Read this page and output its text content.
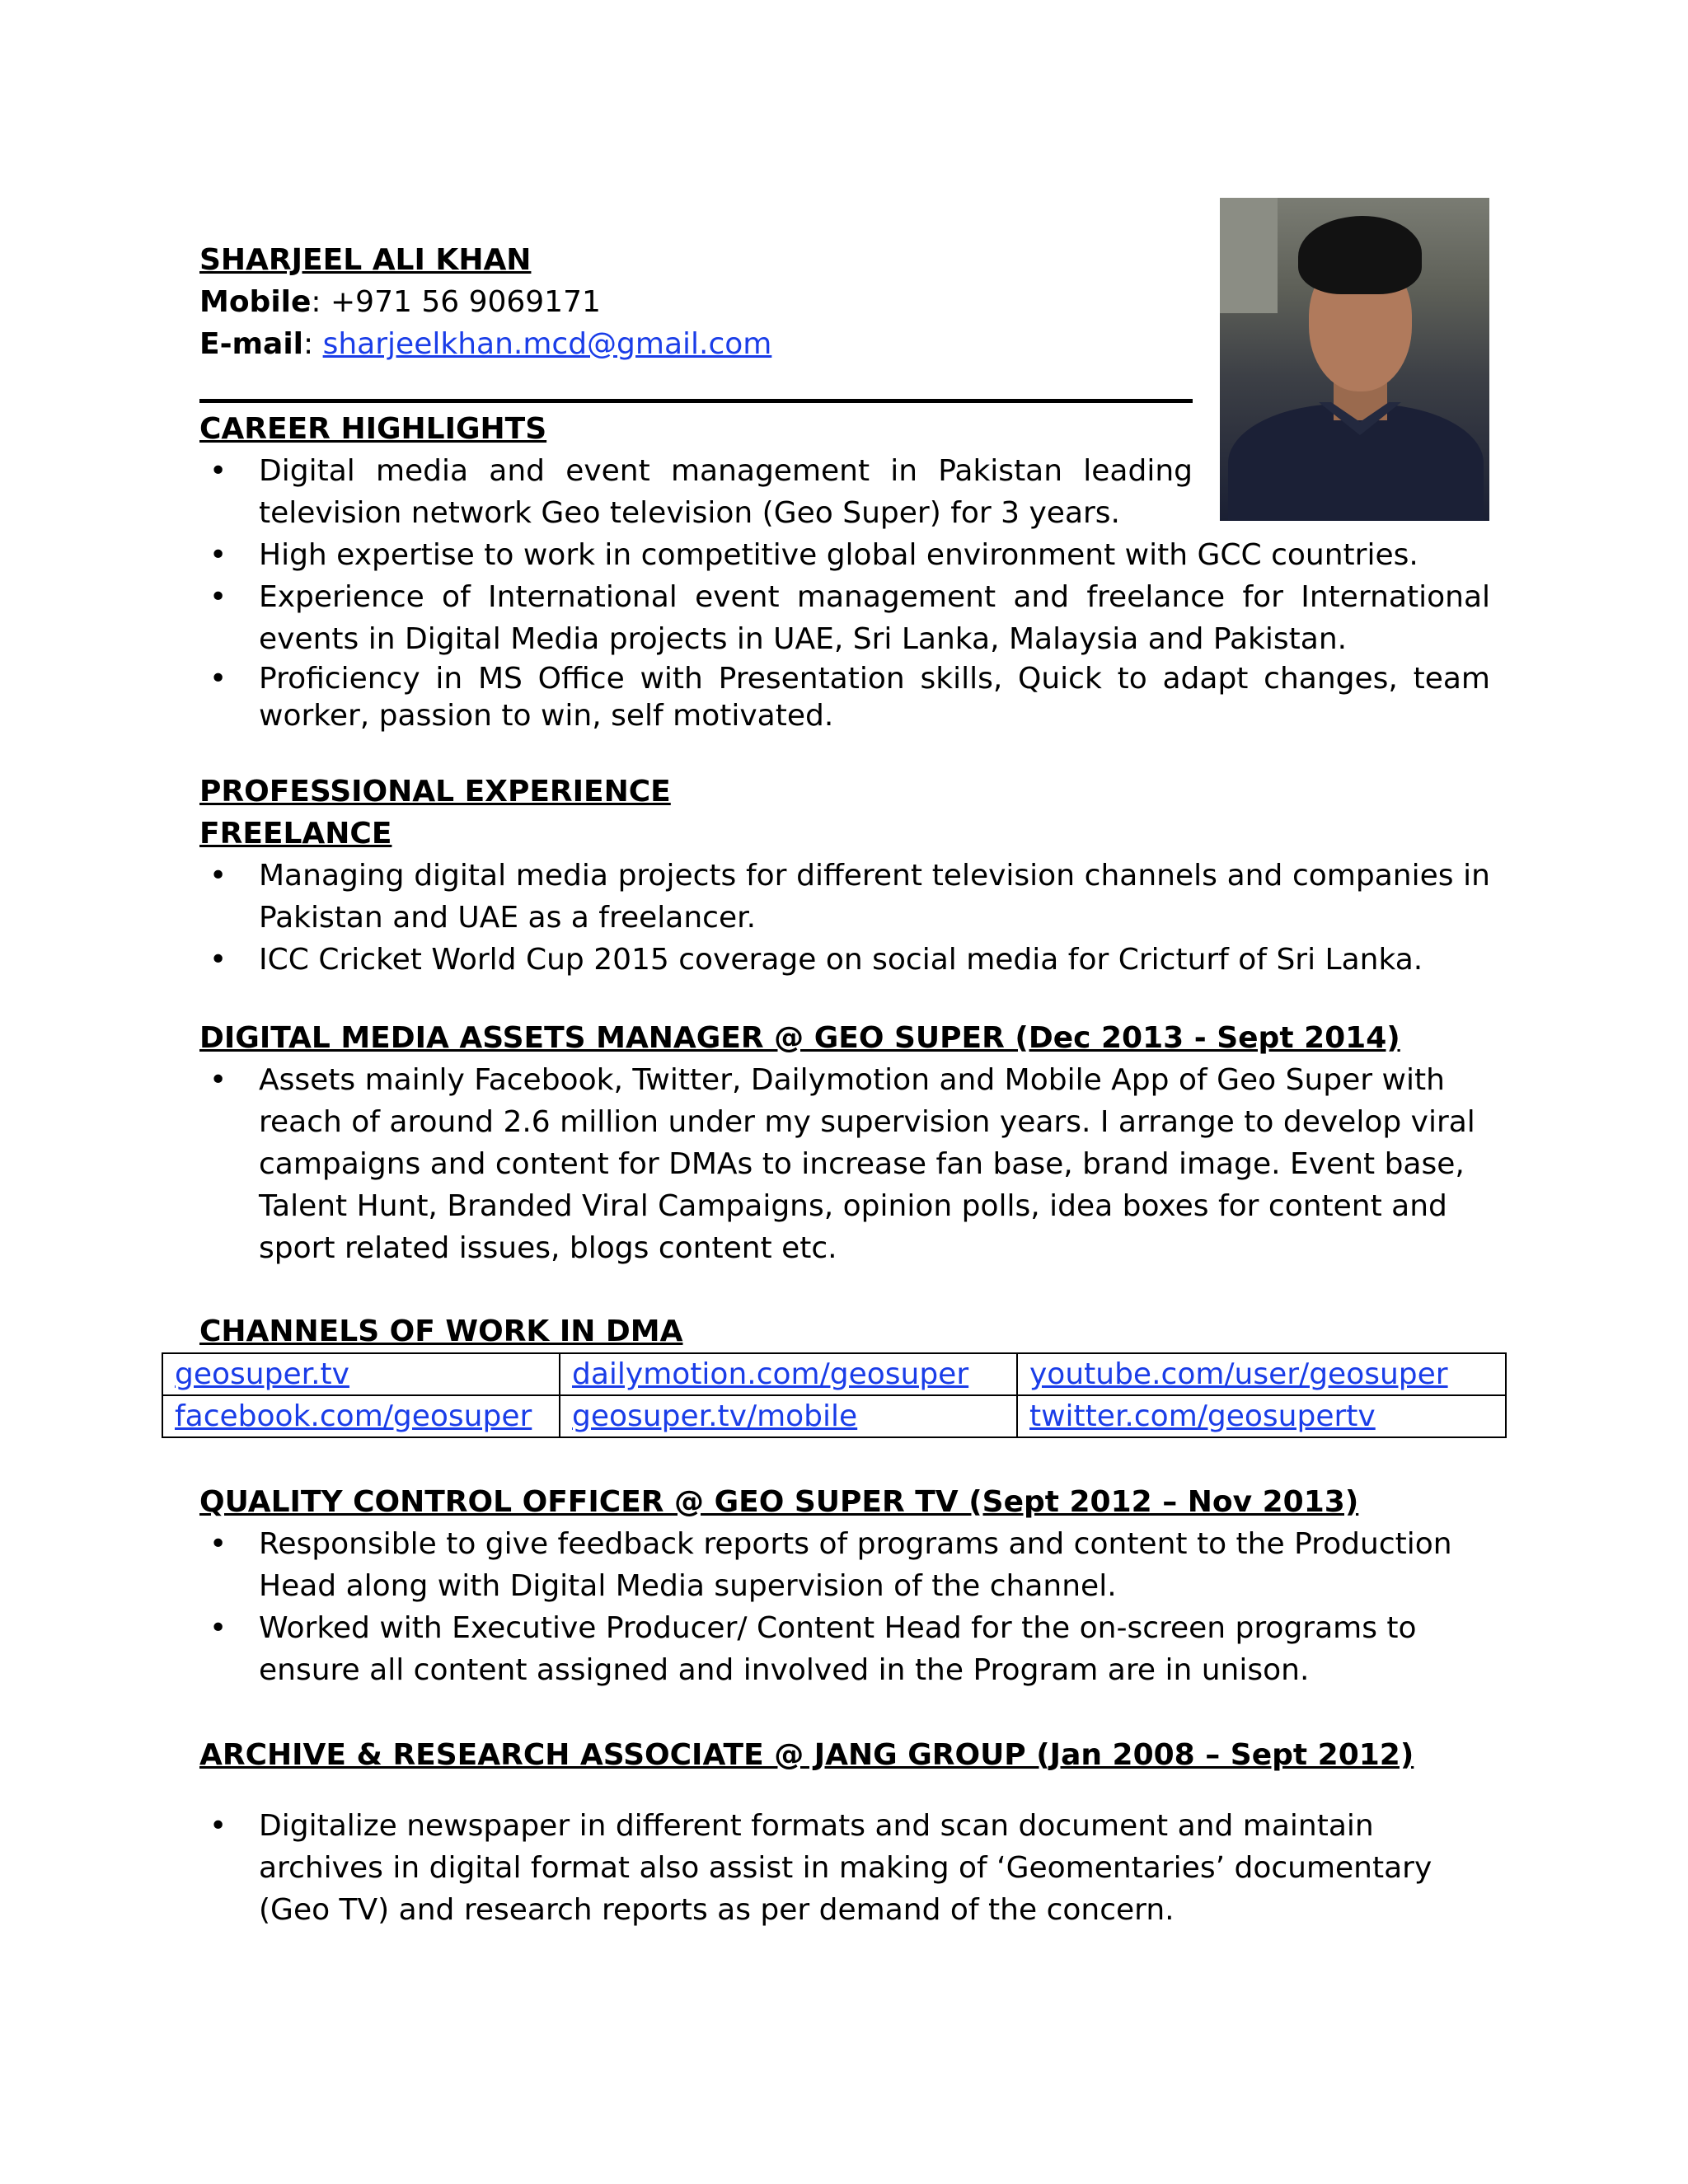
SHARJEEL ALI KHAN
Mobile: +971 56 9069171
E-mail: sharjeelkhan.mcd@gmail.com
CAREER HIGHLIGHTS
• Digital media and event management in Pakistan leading television network Geo television (Geo Super) for 3 years.
• High expertise to work in competitive global environment with GCC countries.
• Experience of International event management and freelance for International events in Digital Media projects in UAE, Sri Lanka, Malaysia and Pakistan.
• Proficiency in MS Office with Presentation skills, Quick to adapt changes, team worker, passion to win, self motivated.
PROFESSIONAL EXPERIENCE
FREELANCE
• Managing digital media projects for different television channels and companies in Pakistan and UAE as a freelancer.
• ICC Cricket World Cup 2015 coverage on social media for Cricturf of Sri Lanka.
DIGITAL MEDIA ASSETS MANAGER @ GEO SUPER (Dec 2013 - Sept 2014)
• Assets mainly Facebook, Twitter, Dailymotion and Mobile App of Geo Super with reach of around 2.6 million under my supervision years. I arrange to develop viral campaigns and content for DMAs to increase fan base, brand image. Event base, Talent Hunt, Branded Viral Campaigns, opinion polls, idea boxes for content and sport related issues, blogs content etc.
CHANNELS OF WORK IN DMA
geosuper.tv	dailymotion.com/geosuper	youtube.com/user/geosuper
facebook.com/geosuper	geosuper.tv/mobile	twitter.com/geosupertv
QUALITY CONTROL OFFICER @ GEO SUPER TV (Sept 2012 – Nov 2013)
• Responsible to give feedback reports of programs and content to the Production Head along with Digital Media supervision of the channel.
• Worked with Executive Producer/ Content Head for the on-screen programs to ensure all content assigned and involved in the Program are in unison.
ARCHIVE & RESEARCH ASSOCIATE @ JANG GROUP (Jan 2008 – Sept 2012)
• Digitalize newspaper in different formats and scan document and maintain archives in digital format also assist in making of ‘Geomentaries’ documentary (Geo TV) and research reports as per demand of the concern.
